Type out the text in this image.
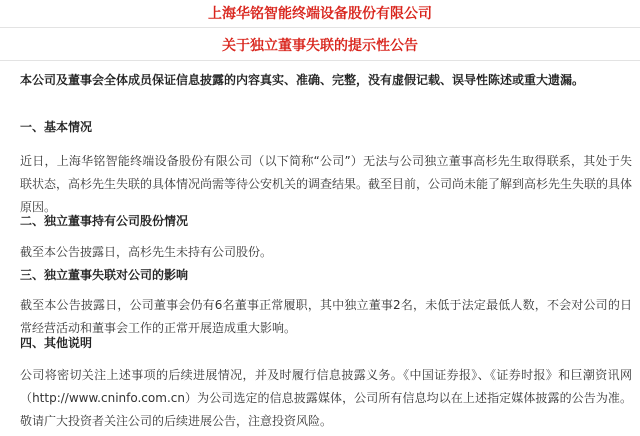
上海华铭智能终端设备股份有限公司
关于独立董事失联的提示性公告
本公司及董事会全体成员保证信息披露的内容真实、准确、完整，没有虚假记载、误导性陈述或重大遗漏。
一、基本情况
近日，上海华铭智能终端设备股份有限公司（以下简称“公司”）无法与公司独立董事高杉先生取得联系，其处于失联状态，高杉先生失联的具体情况尚需等待公安机关的调查结果。截至目前，公司尚未能了解到高杉先生失联的具体原因。
二、独立董事持有公司股份情况
截至本公告披露日，高杉先生未持有公司股份。
三、独立董事失联对公司的影响
截至本公告披露日，公司董事会仍有6名董事正常履职，其中独立董事2名，未低于法定最低人数，不会对公司的日常经营活动和董事会工作的正常开展造成重大影响。
四、其他说明
公司将密切关注上述事项的后续进展情况，并及时履行信息披露义务。《中国证券报》、《证券时报》和巨潮资讯网（http://www.cninfo.com.cn）为公司选定的信息披露媒体，公司所有信息均以在上述指定媒体披露的公告为准。敬请广大投资者关注公司的后续进展公告，注意投资风险。
